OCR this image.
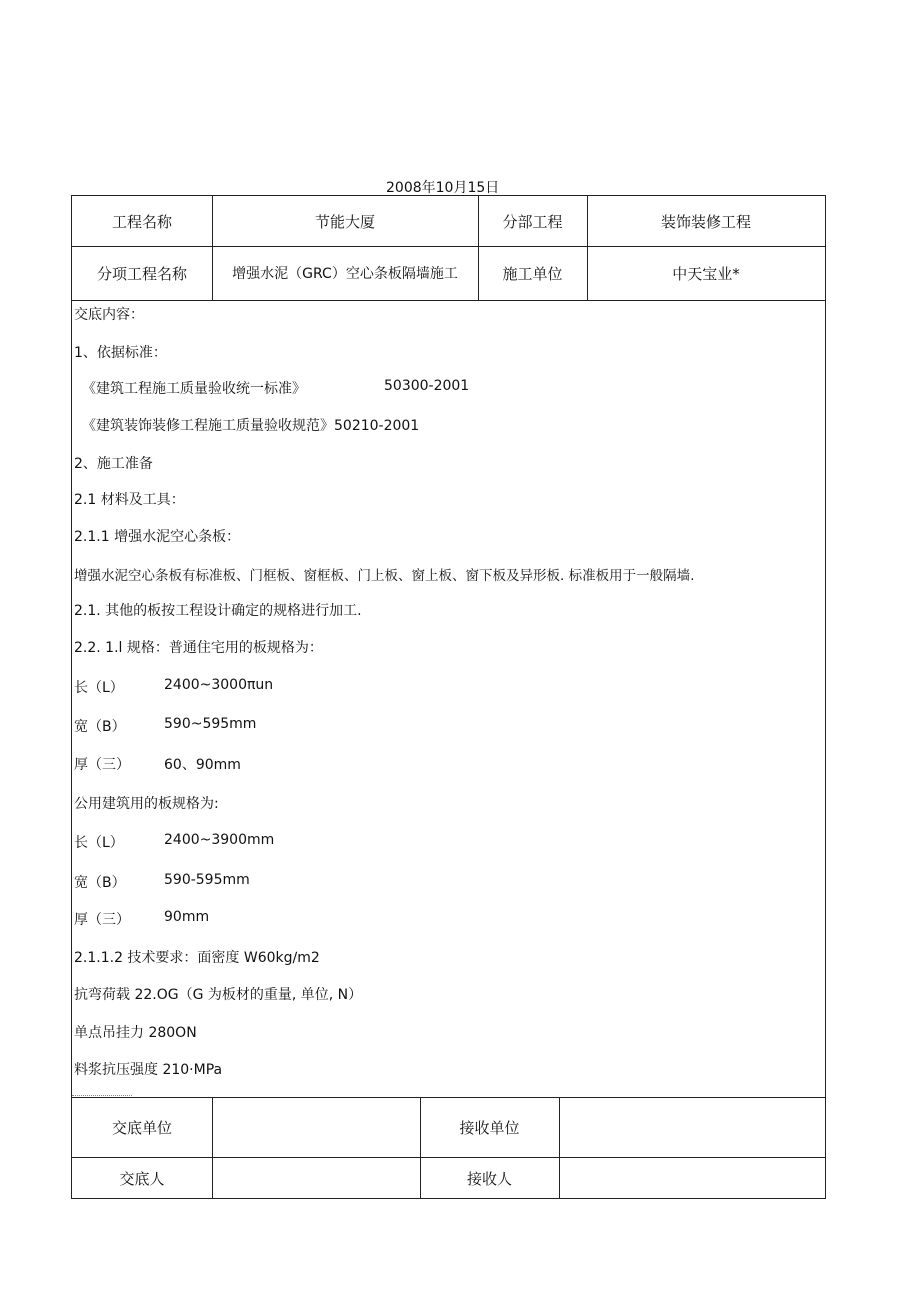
2008年10月15日
工程名称	节能大厦	分部工程	装饰装修工程
分项工程名称	增强水泥（GRC）空心条板隔墙施工	施工单位	中天宝业*
交底内容：
1、依据标准：
《建筑工程施工质量验收统一标准》	50300-2001
《建筑装饰装修工程施工质量验收规范》50210-2001
2、施工准备
2.1 材料及工具：
2.1.1 增强水泥空心条板：
增强水泥空心条板有标准板、门框板、窗框板、门上板、窗上板、窗下板及异形板. 标准板用于一般隔墙.
2.1. 其他的板按工程设计确定的规格进行加工.
2.2. 1.l 规格：普通住宅用的板规格为：
长（L）	2400~3000πun
宽（B）	590~595mm
厚（三） 60、90mm
公用建筑用的板规格为:
长（L）	2400~3900mm
宽（B）	590-595mm
厚（三） 90mm
2.1.1.2 技术要求：面密度 W60kg∕m2
抗弯荷载 22.OG（G 为板材的重量, 单位, N）
单点吊挂力 280ON
料浆抗压强度 210·MPa
交底单位	接收单位
交底人	接收人
